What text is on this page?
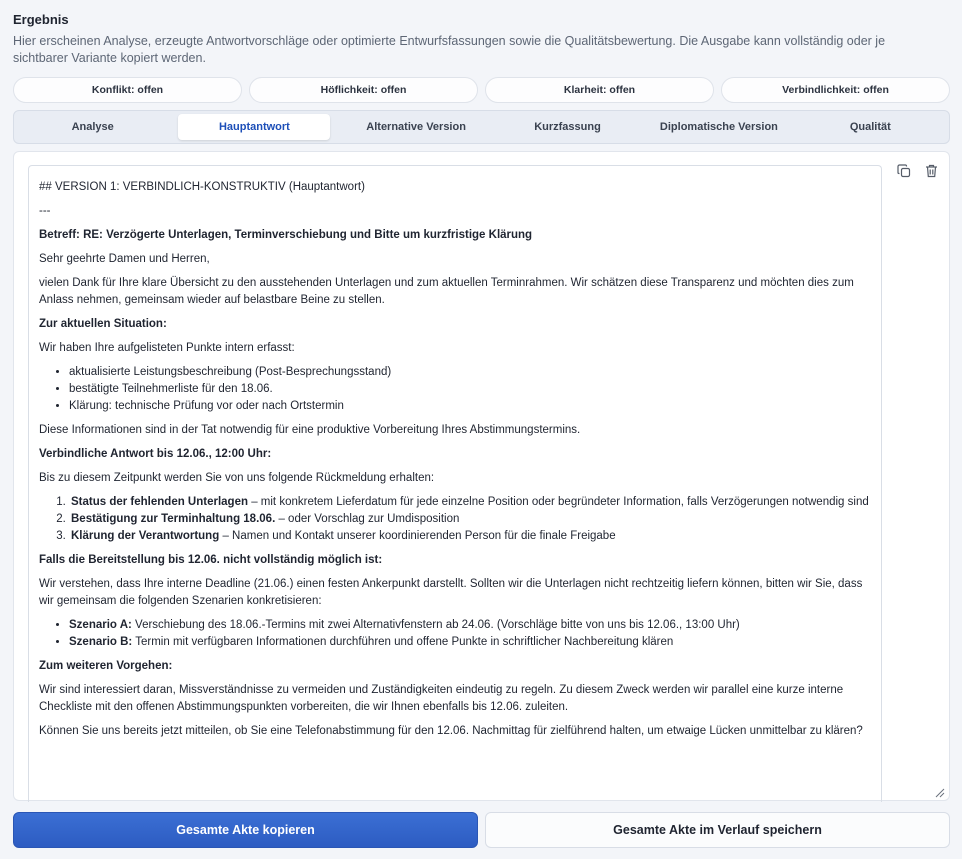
Ergebnis
Hier erscheinen Analyse, erzeugte Antwortvorschläge oder optimierte Entwurfsfassungen sowie die Qualitätsbewertung. Die Ausgabe kann vollständig oder je sichtbarer Variante kopiert werden.
Konflikt: offen	Höflichkeit: offen	Klarheit: offen	Verbindlichkeit: offen
Analyse	Hauptantwort	Alternative Version	Kurzfassung	Diplomatische Version	Qualität

## VERSION 1: VERBINDLICH-KONSTRUKTIV (Hauptantwort)

---

Betreff: RE: Verzögerte Unterlagen, Terminverschiebung und Bitte um kurzfristige Klärung

Sehr geehrte Damen und Herren,

vielen Dank für Ihre klare Übersicht zu den ausstehenden Unterlagen und zum aktuellen Terminrahmen. Wir schätzen diese Transparenz und möchten dies zum Anlass nehmen, gemeinsam wieder auf belastbare Beine zu stellen.

Zur aktuellen Situation:

Wir haben Ihre aufgelisteten Punkte intern erfasst:

• aktualisierte Leistungsbeschreibung (Post-Besprechungsstand)
• bestätigte Teilnehmerliste für den 18.06.
• Klärung: technische Prüfung vor oder nach Ortstermin

Diese Informationen sind in der Tat notwendig für eine produktive Vorbereitung Ihres Abstimmungstermins.

Verbindliche Antwort bis 12.06., 12:00 Uhr:

Bis zu diesem Zeitpunkt werden Sie von uns folgende Rückmeldung erhalten:

1. Status der fehlenden Unterlagen – mit konkretem Lieferdatum für jede einzelne Position oder begründeter Information, falls Verzögerungen notwendig sind
2. Bestätigung zur Terminhaltung 18.06. – oder Vorschlag zur Umdisposition
3. Klärung der Verantwortung – Namen und Kontakt unserer koordinierenden Person für die finale Freigabe

Falls die Bereitstellung bis 12.06. nicht vollständig möglich ist:

Wir verstehen, dass Ihre interne Deadline (21.06.) einen festen Ankerpunkt darstellt. Sollten wir die Unterlagen nicht rechtzeitig liefern können, bitten wir Sie, dass wir gemeinsam die folgenden Szenarien konkretisieren:

• Szenario A: Verschiebung des 18.06.-Termins mit zwei Alternativfenstern ab 24.06. (Vorschläge bitte von uns bis 12.06., 13:00 Uhr)
• Szenario B: Termin mit verfügbaren Informationen durchführen und offene Punkte in schriftlicher Nachbereitung klären

Zum weiteren Vorgehen:

Wir sind interessiert daran, Missverständnisse zu vermeiden und Zuständigkeiten eindeutig zu regeln. Zu diesem Zweck werden wir parallel eine kurze interne Checkliste mit den offenen Abstimmungspunkten vorbereiten, die wir Ihnen ebenfalls bis 12.06. zuleiten.

Können Sie uns bereits jetzt mitteilen, ob Sie eine Telefonabstimmung für den 12.06. Nachmittag für zielführend halten, um etwaige Lücken unmittelbar zu klären?

Gesamte Akte kopieren	Gesamte Akte im Verlauf speichern
